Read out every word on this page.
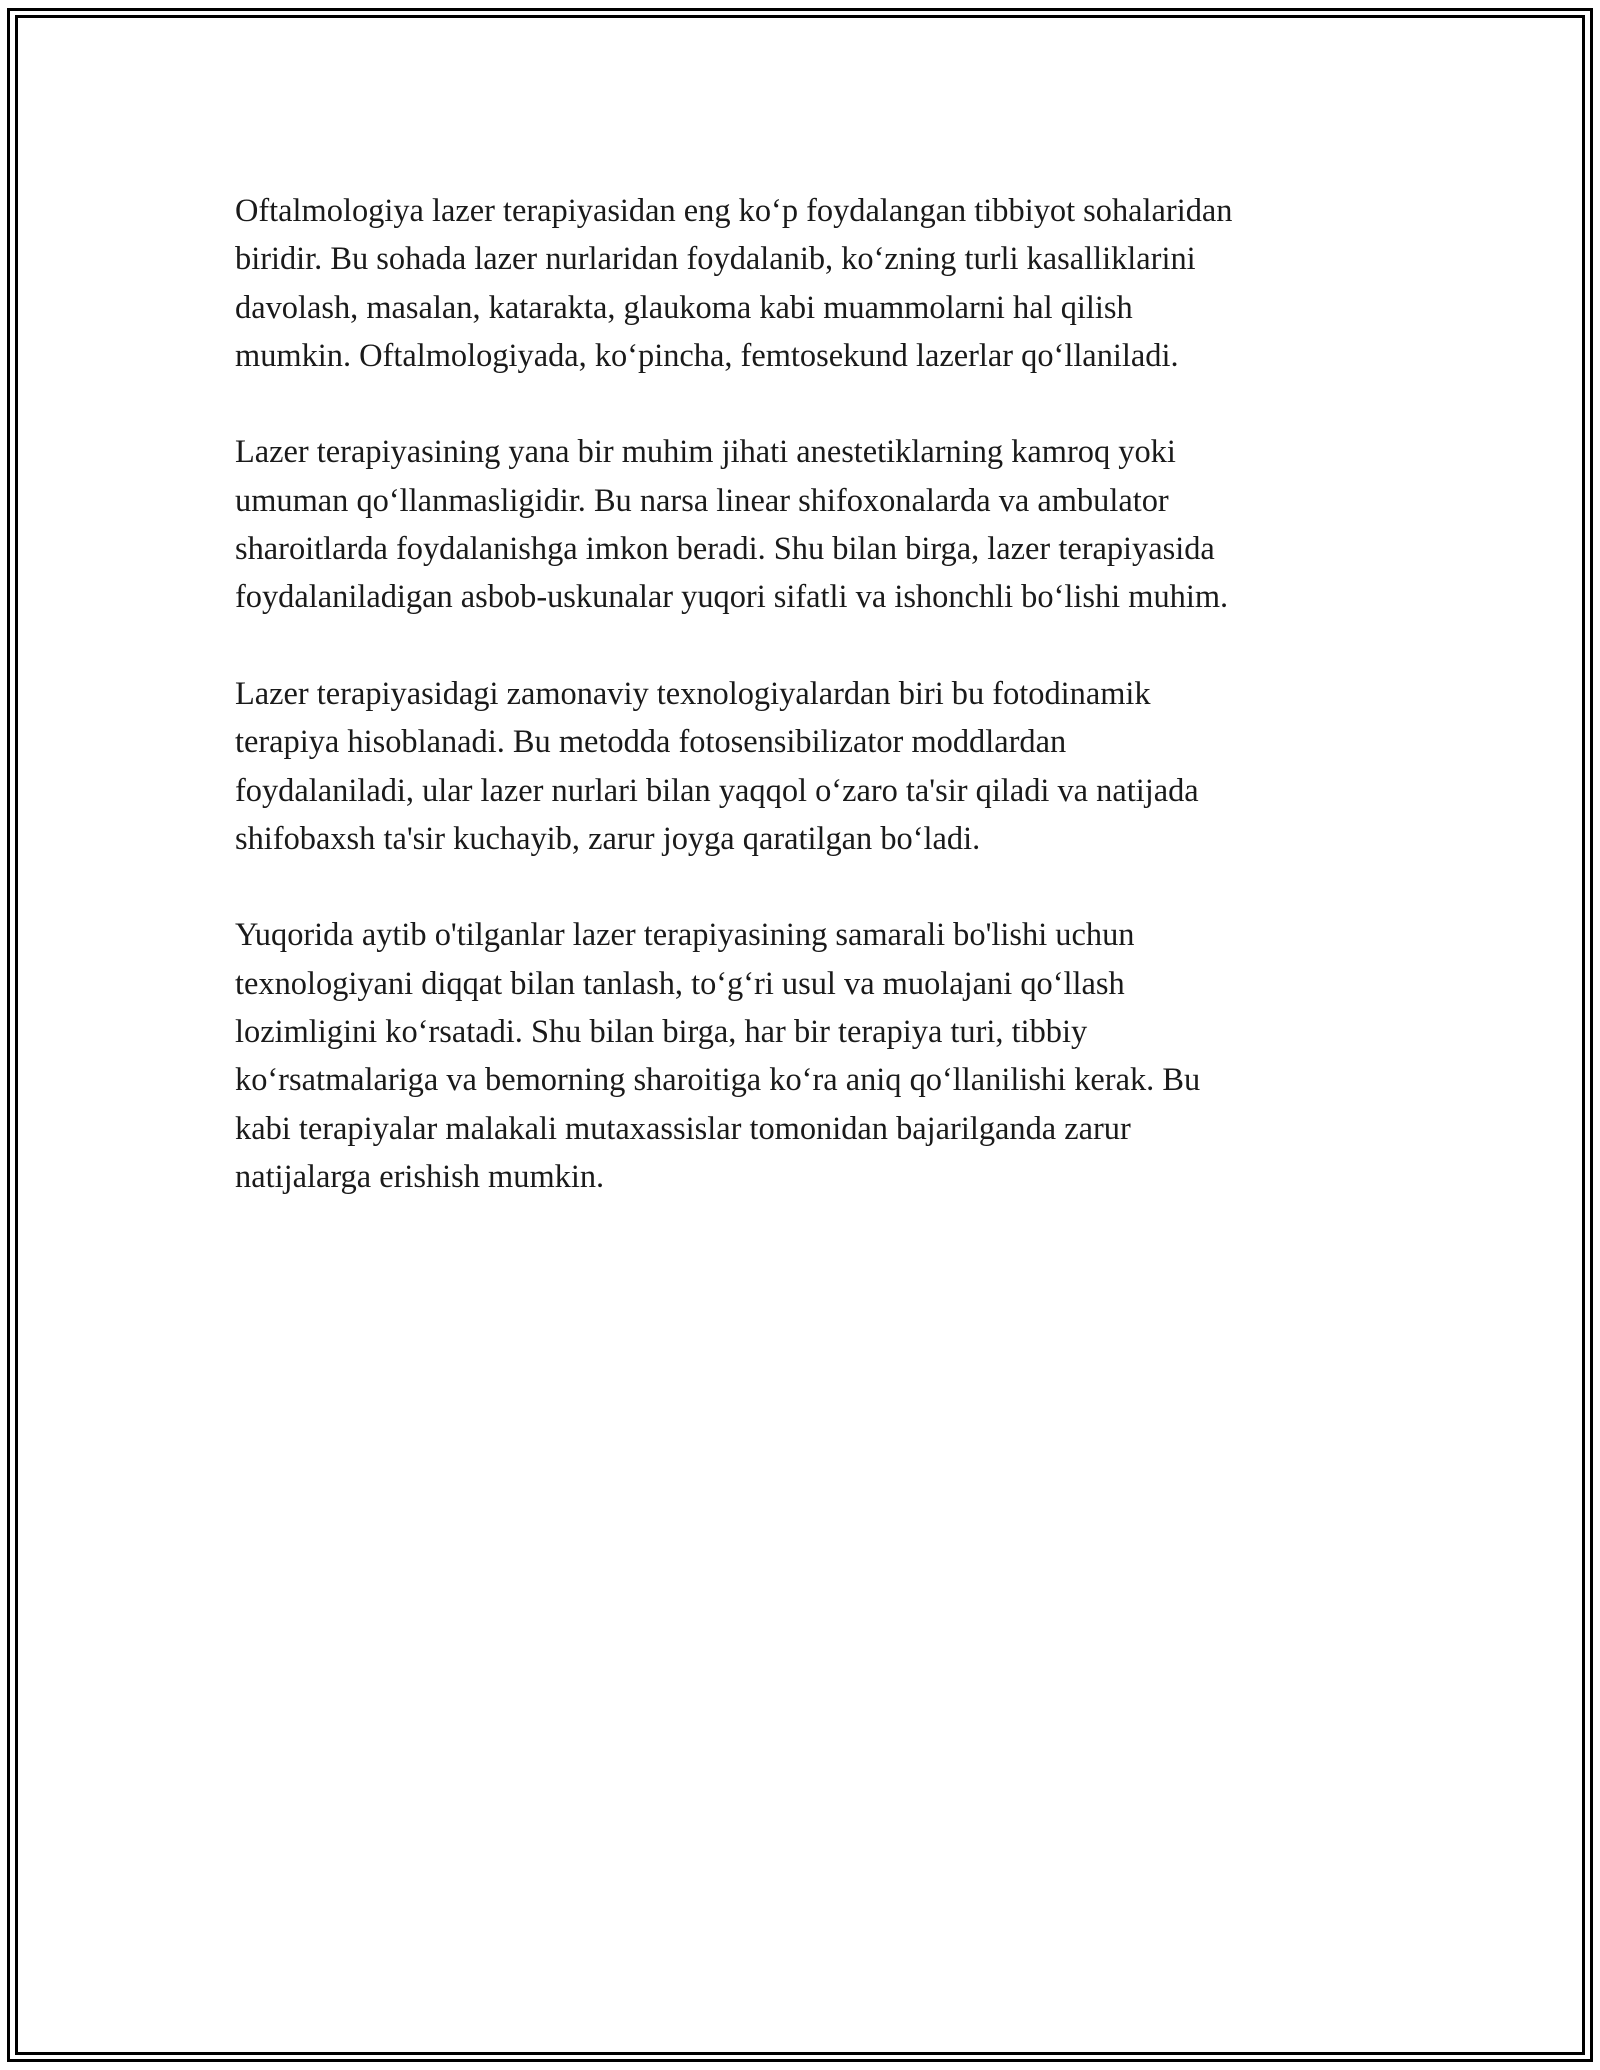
Oftalmologiya lazer terapiyasidan eng koʻp foydalangan tibbiyot sohalaridan
biridir. Bu sohada lazer nurlaridan foydalanib, koʻzning turli kasalliklarini
davolash, masalan, katarakta, glaukoma kabi muammolarni hal qilish
mumkin. Oftalmologiyada, koʻpincha, femtosekund lazerlar qoʻllaniladi.

Lazer terapiyasining yana bir muhim jihati anestetiklarning kamroq yoki
umuman qoʻllanmasligidir. Bu narsa linear shifoxonalarda va ambulator
sharoitlarda foydalanishga imkon beradi. Shu bilan birga, lazer terapiyasida
foydalaniladigan asbob-uskunalar yuqori sifatli va ishonchli boʻlishi muhim.

Lazer terapiyasidagi zamonaviy texnologiyalardan biri bu fotodinamik
terapiya hisoblanadi. Bu metodda fotosensibilizator moddlardan
foydalaniladi, ular lazer nurlari bilan yaqqol oʻzaro ta'sir qiladi va natijada
shifobaxsh ta'sir kuchayib, zarur joyga qaratilgan boʻladi.

Yuqorida aytib o'tilganlar lazer terapiyasining samarali bo'lishi uchun
texnologiyani diqqat bilan tanlash, toʻgʻri usul va muolajani qoʻllash
lozimligini koʻrsatadi. Shu bilan birga, har bir terapiya turi, tibbiy
koʻrsatmalariga va bemorning sharoitiga koʻra aniq qoʻllanilishi kerak. Bu
kabi terapiyalar malakali mutaxassislar tomonidan bajarilganda zarur
natijalarga erishish mumkin.
